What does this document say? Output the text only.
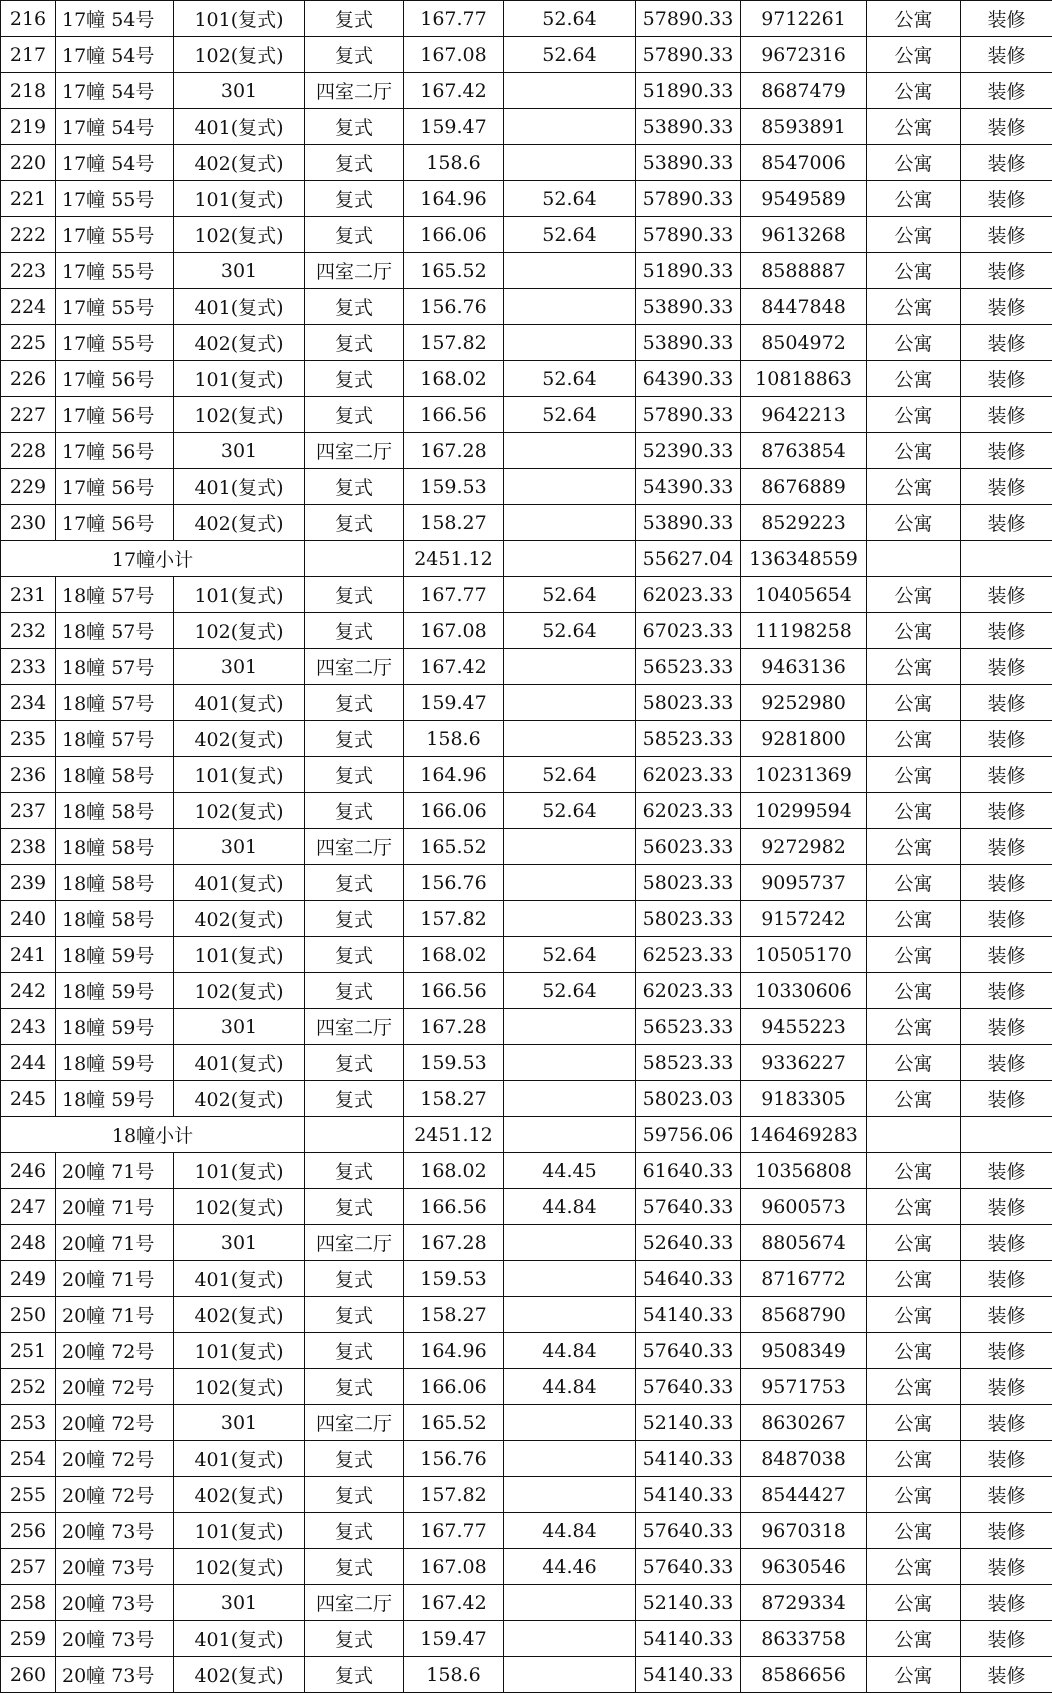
216	17幢 54号	101(复式)	复式	167.77	52.64	57890.33	9712261	公寓	装修
217	17幢 54号	102(复式)	复式	167.08	52.64	57890.33	9672316	公寓	装修
218	17幢 54号	301	四室二厅	167.42		51890.33	8687479	公寓	装修
219	17幢 54号	401(复式)	复式	159.47		53890.33	8593891	公寓	装修
220	17幢 54号	402(复式)	复式	158.6		53890.33	8547006	公寓	装修
221	17幢 55号	101(复式)	复式	164.96	52.64	57890.33	9549589	公寓	装修
222	17幢 55号	102(复式)	复式	166.06	52.64	57890.33	9613268	公寓	装修
223	17幢 55号	301	四室二厅	165.52		51890.33	8588887	公寓	装修
224	17幢 55号	401(复式)	复式	156.76		53890.33	8447848	公寓	装修
225	17幢 55号	402(复式)	复式	157.82		53890.33	8504972	公寓	装修
226	17幢 56号	101(复式)	复式	168.02	52.64	64390.33	10818863	公寓	装修
227	17幢 56号	102(复式)	复式	166.56	52.64	57890.33	9642213	公寓	装修
228	17幢 56号	301	四室二厅	167.28		52390.33	8763854	公寓	装修
229	17幢 56号	401(复式)	复式	159.53		54390.33	8676889	公寓	装修
230	17幢 56号	402(复式)	复式	158.27		53890.33	8529223	公寓	装修
17幢小计				2451.12		55627.04	136348559		
231	18幢 57号	101(复式)	复式	167.77	52.64	62023.33	10405654	公寓	装修
232	18幢 57号	102(复式)	复式	167.08	52.64	67023.33	11198258	公寓	装修
233	18幢 57号	301	四室二厅	167.42		56523.33	9463136	公寓	装修
234	18幢 57号	401(复式)	复式	159.47		58023.33	9252980	公寓	装修
235	18幢 57号	402(复式)	复式	158.6		58523.33	9281800	公寓	装修
236	18幢 58号	101(复式)	复式	164.96	52.64	62023.33	10231369	公寓	装修
237	18幢 58号	102(复式)	复式	166.06	52.64	62023.33	10299594	公寓	装修
238	18幢 58号	301	四室二厅	165.52		56023.33	9272982	公寓	装修
239	18幢 58号	401(复式)	复式	156.76		58023.33	9095737	公寓	装修
240	18幢 58号	402(复式)	复式	157.82		58023.33	9157242	公寓	装修
241	18幢 59号	101(复式)	复式	168.02	52.64	62523.33	10505170	公寓	装修
242	18幢 59号	102(复式)	复式	166.56	52.64	62023.33	10330606	公寓	装修
243	18幢 59号	301	四室二厅	167.28		56523.33	9455223	公寓	装修
244	18幢 59号	401(复式)	复式	159.53		58523.33	9336227	公寓	装修
245	18幢 59号	402(复式)	复式	158.27		58023.03	9183305	公寓	装修
18幢小计				2451.12		59756.06	146469283		
246	20幢 71号	101(复式)	复式	168.02	44.45	61640.33	10356808	公寓	装修
247	20幢 71号	102(复式)	复式	166.56	44.84	57640.33	9600573	公寓	装修
248	20幢 71号	301	四室二厅	167.28		52640.33	8805674	公寓	装修
249	20幢 71号	401(复式)	复式	159.53		54640.33	8716772	公寓	装修
250	20幢 71号	402(复式)	复式	158.27		54140.33	8568790	公寓	装修
251	20幢 72号	101(复式)	复式	164.96	44.84	57640.33	9508349	公寓	装修
252	20幢 72号	102(复式)	复式	166.06	44.84	57640.33	9571753	公寓	装修
253	20幢 72号	301	四室二厅	165.52		52140.33	8630267	公寓	装修
254	20幢 72号	401(复式)	复式	156.76		54140.33	8487038	公寓	装修
255	20幢 72号	402(复式)	复式	157.82		54140.33	8544427	公寓	装修
256	20幢 73号	101(复式)	复式	167.77	44.84	57640.33	9670318	公寓	装修
257	20幢 73号	102(复式)	复式	167.08	44.46	57640.33	9630546	公寓	装修
258	20幢 73号	301	四室二厅	167.42		52140.33	8729334	公寓	装修
259	20幢 73号	401(复式)	复式	159.47		54140.33	8633758	公寓	装修
260	20幢 73号	402(复式)	复式	158.6		54140.33	8586656	公寓	装修
